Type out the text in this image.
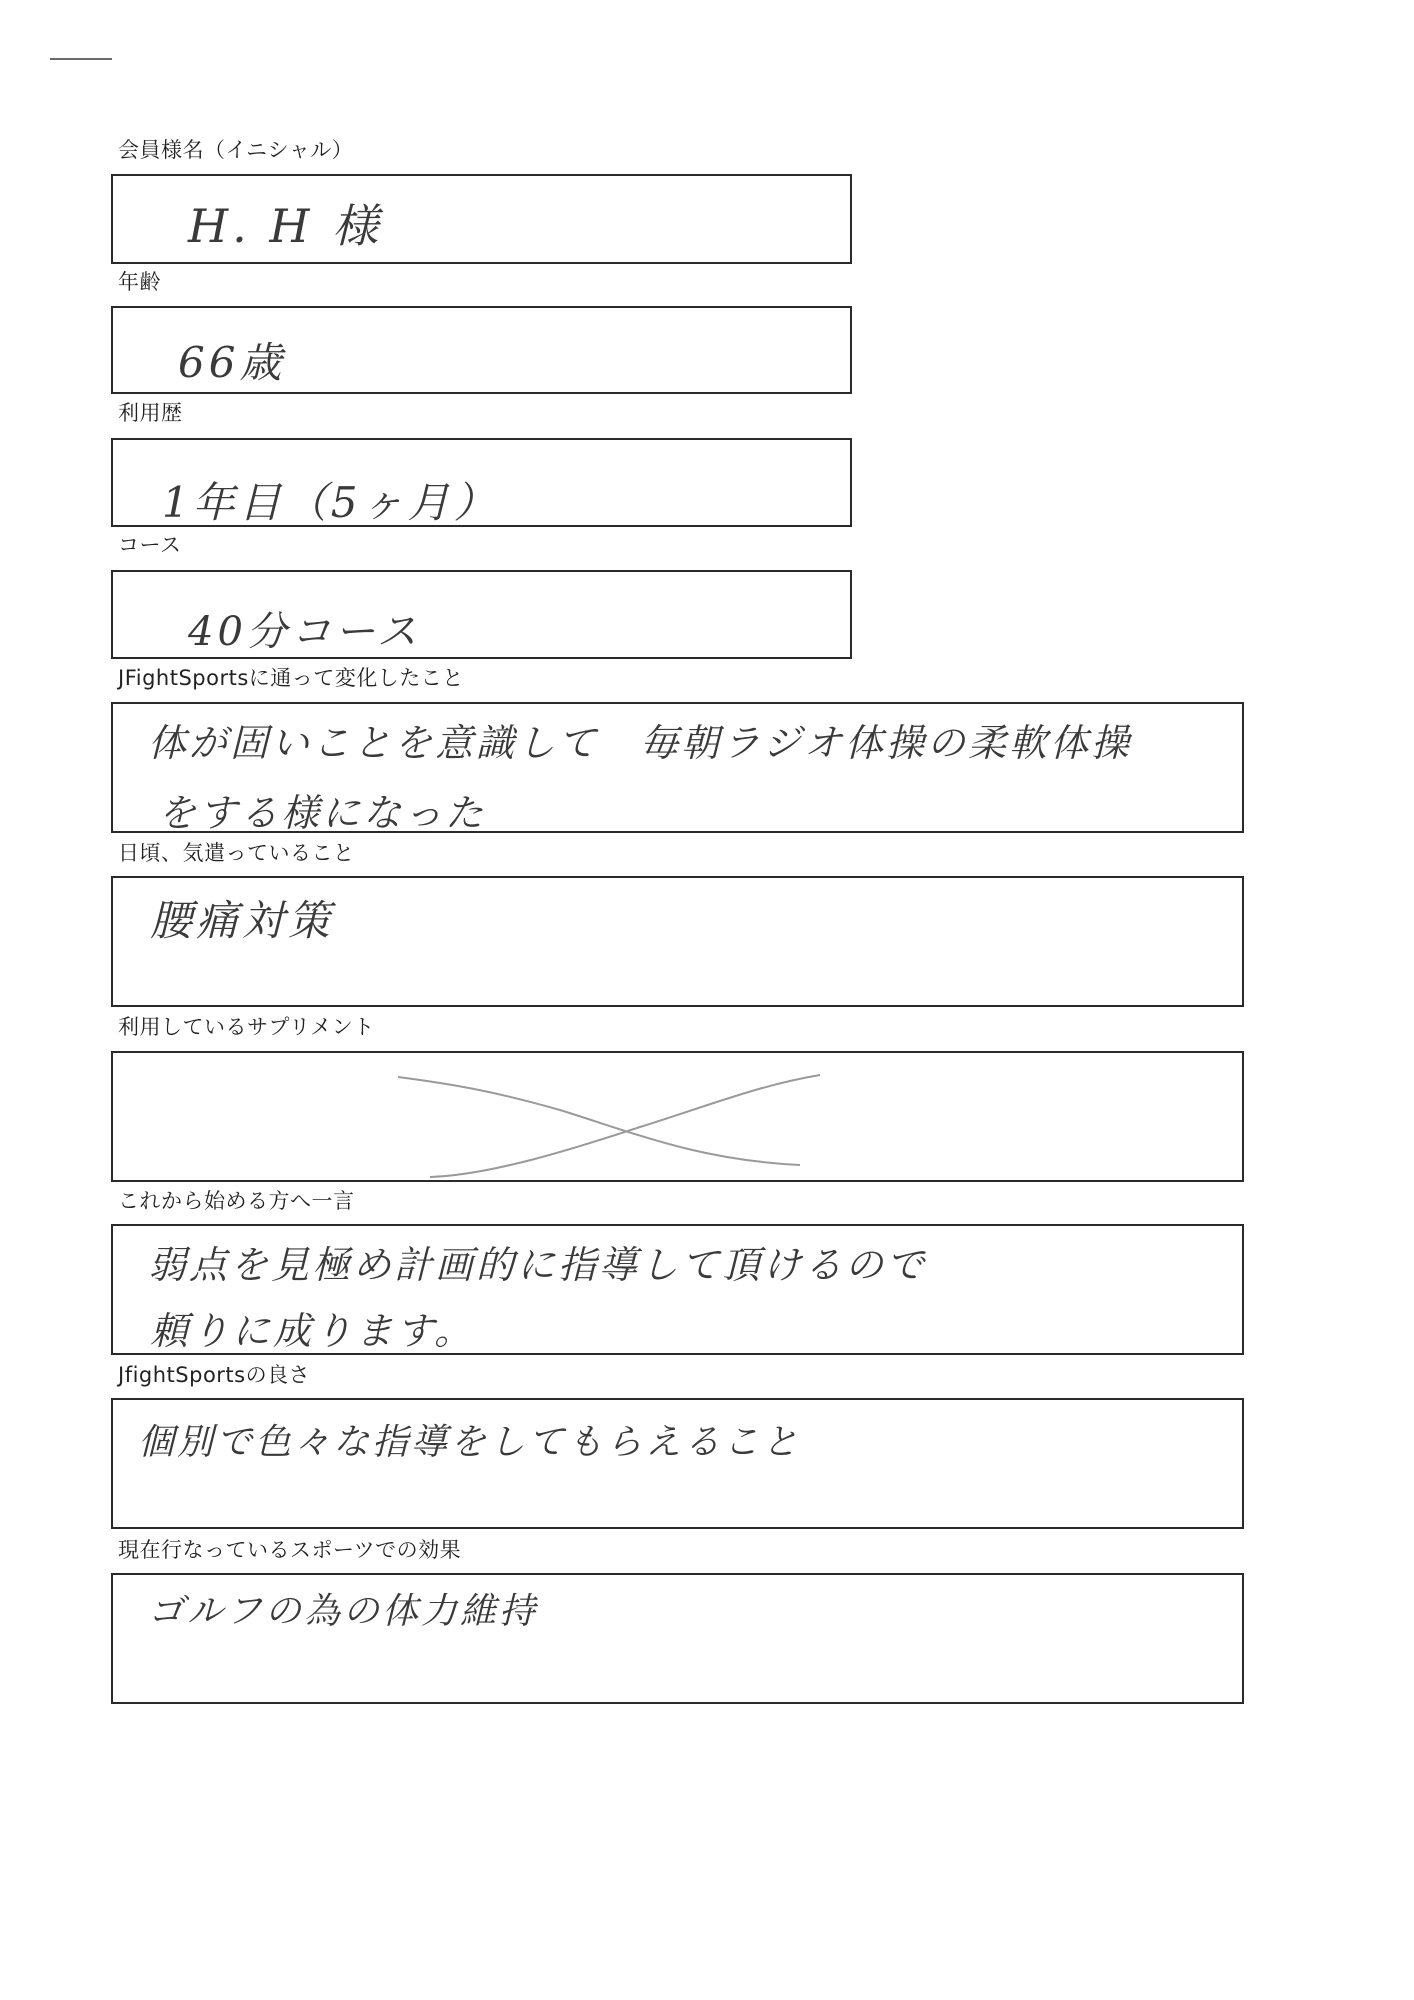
会員様名（イニシャル）
H. H 様
年齢
66歳
利用歴
1年目（5ヶ月）
コース
40分コース
JFightSportsに通って変化したこと
体が固いことを意識して　毎朝ラジオ体操の柔軟体操
をする様になった
日頃、気遣っていること
腰痛対策
利用しているサプリメント
これから始める方へ一言
弱点を見極め計画的に指導して頂けるので
頼りに成ります。
JfightSportsの良さ
個別で色々な指導をしてもらえること
現在行なっているスポーツでの効果
ゴルフの為の体力維持
